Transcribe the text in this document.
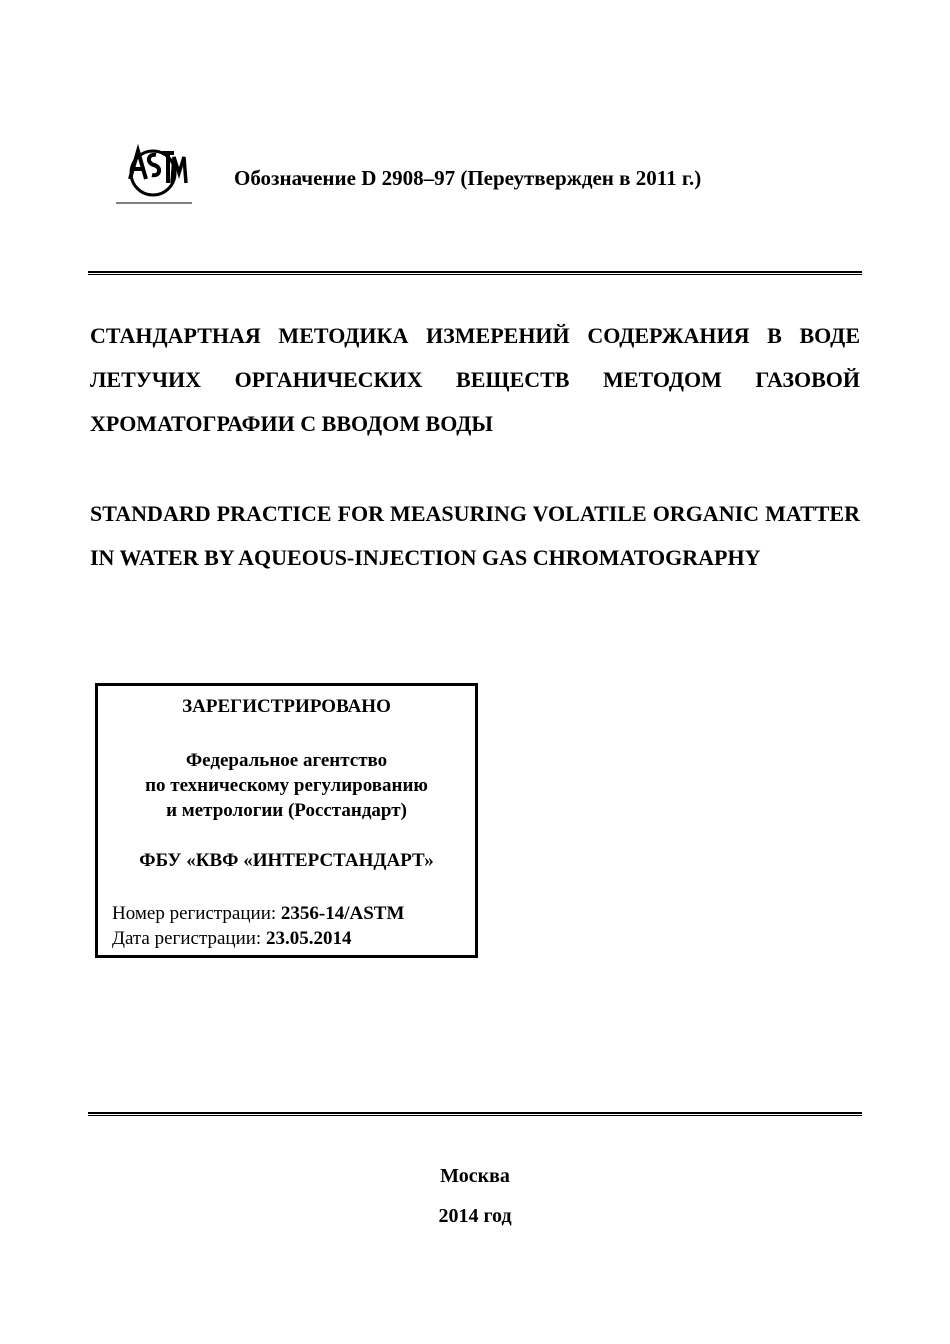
Обозначение D 2908–97 (Переутвержден в 2011 г.)
СТАНДАРТНАЯ МЕТОДИКА ИЗМЕРЕНИЙ СОДЕРЖАНИЯ В ВОДЕ ЛЕТУЧИХ ОРГАНИЧЕСКИХ ВЕЩЕСТВ МЕТОДОМ ГАЗОВОЙ ХРОМАТОГРАФИИ С ВВОДОМ ВОДЫ
STANDARD PRACTICE FOR MEASURING VOLATILE ORGANIC MATTER IN WATER BY AQUEOUS-INJECTION GAS CHROMATOGRAPHY
ЗАРЕГИСТРИРОВАНО
Федеральное агентство
по техническому регулированию
и метрологии (Росстандарт)
ФБУ «КВФ «ИНТЕРСТАНДАРТ»
Номер регистрации: 2356-14/ASTM
Дата регистрации: 23.05.2014
Москва
2014 год
